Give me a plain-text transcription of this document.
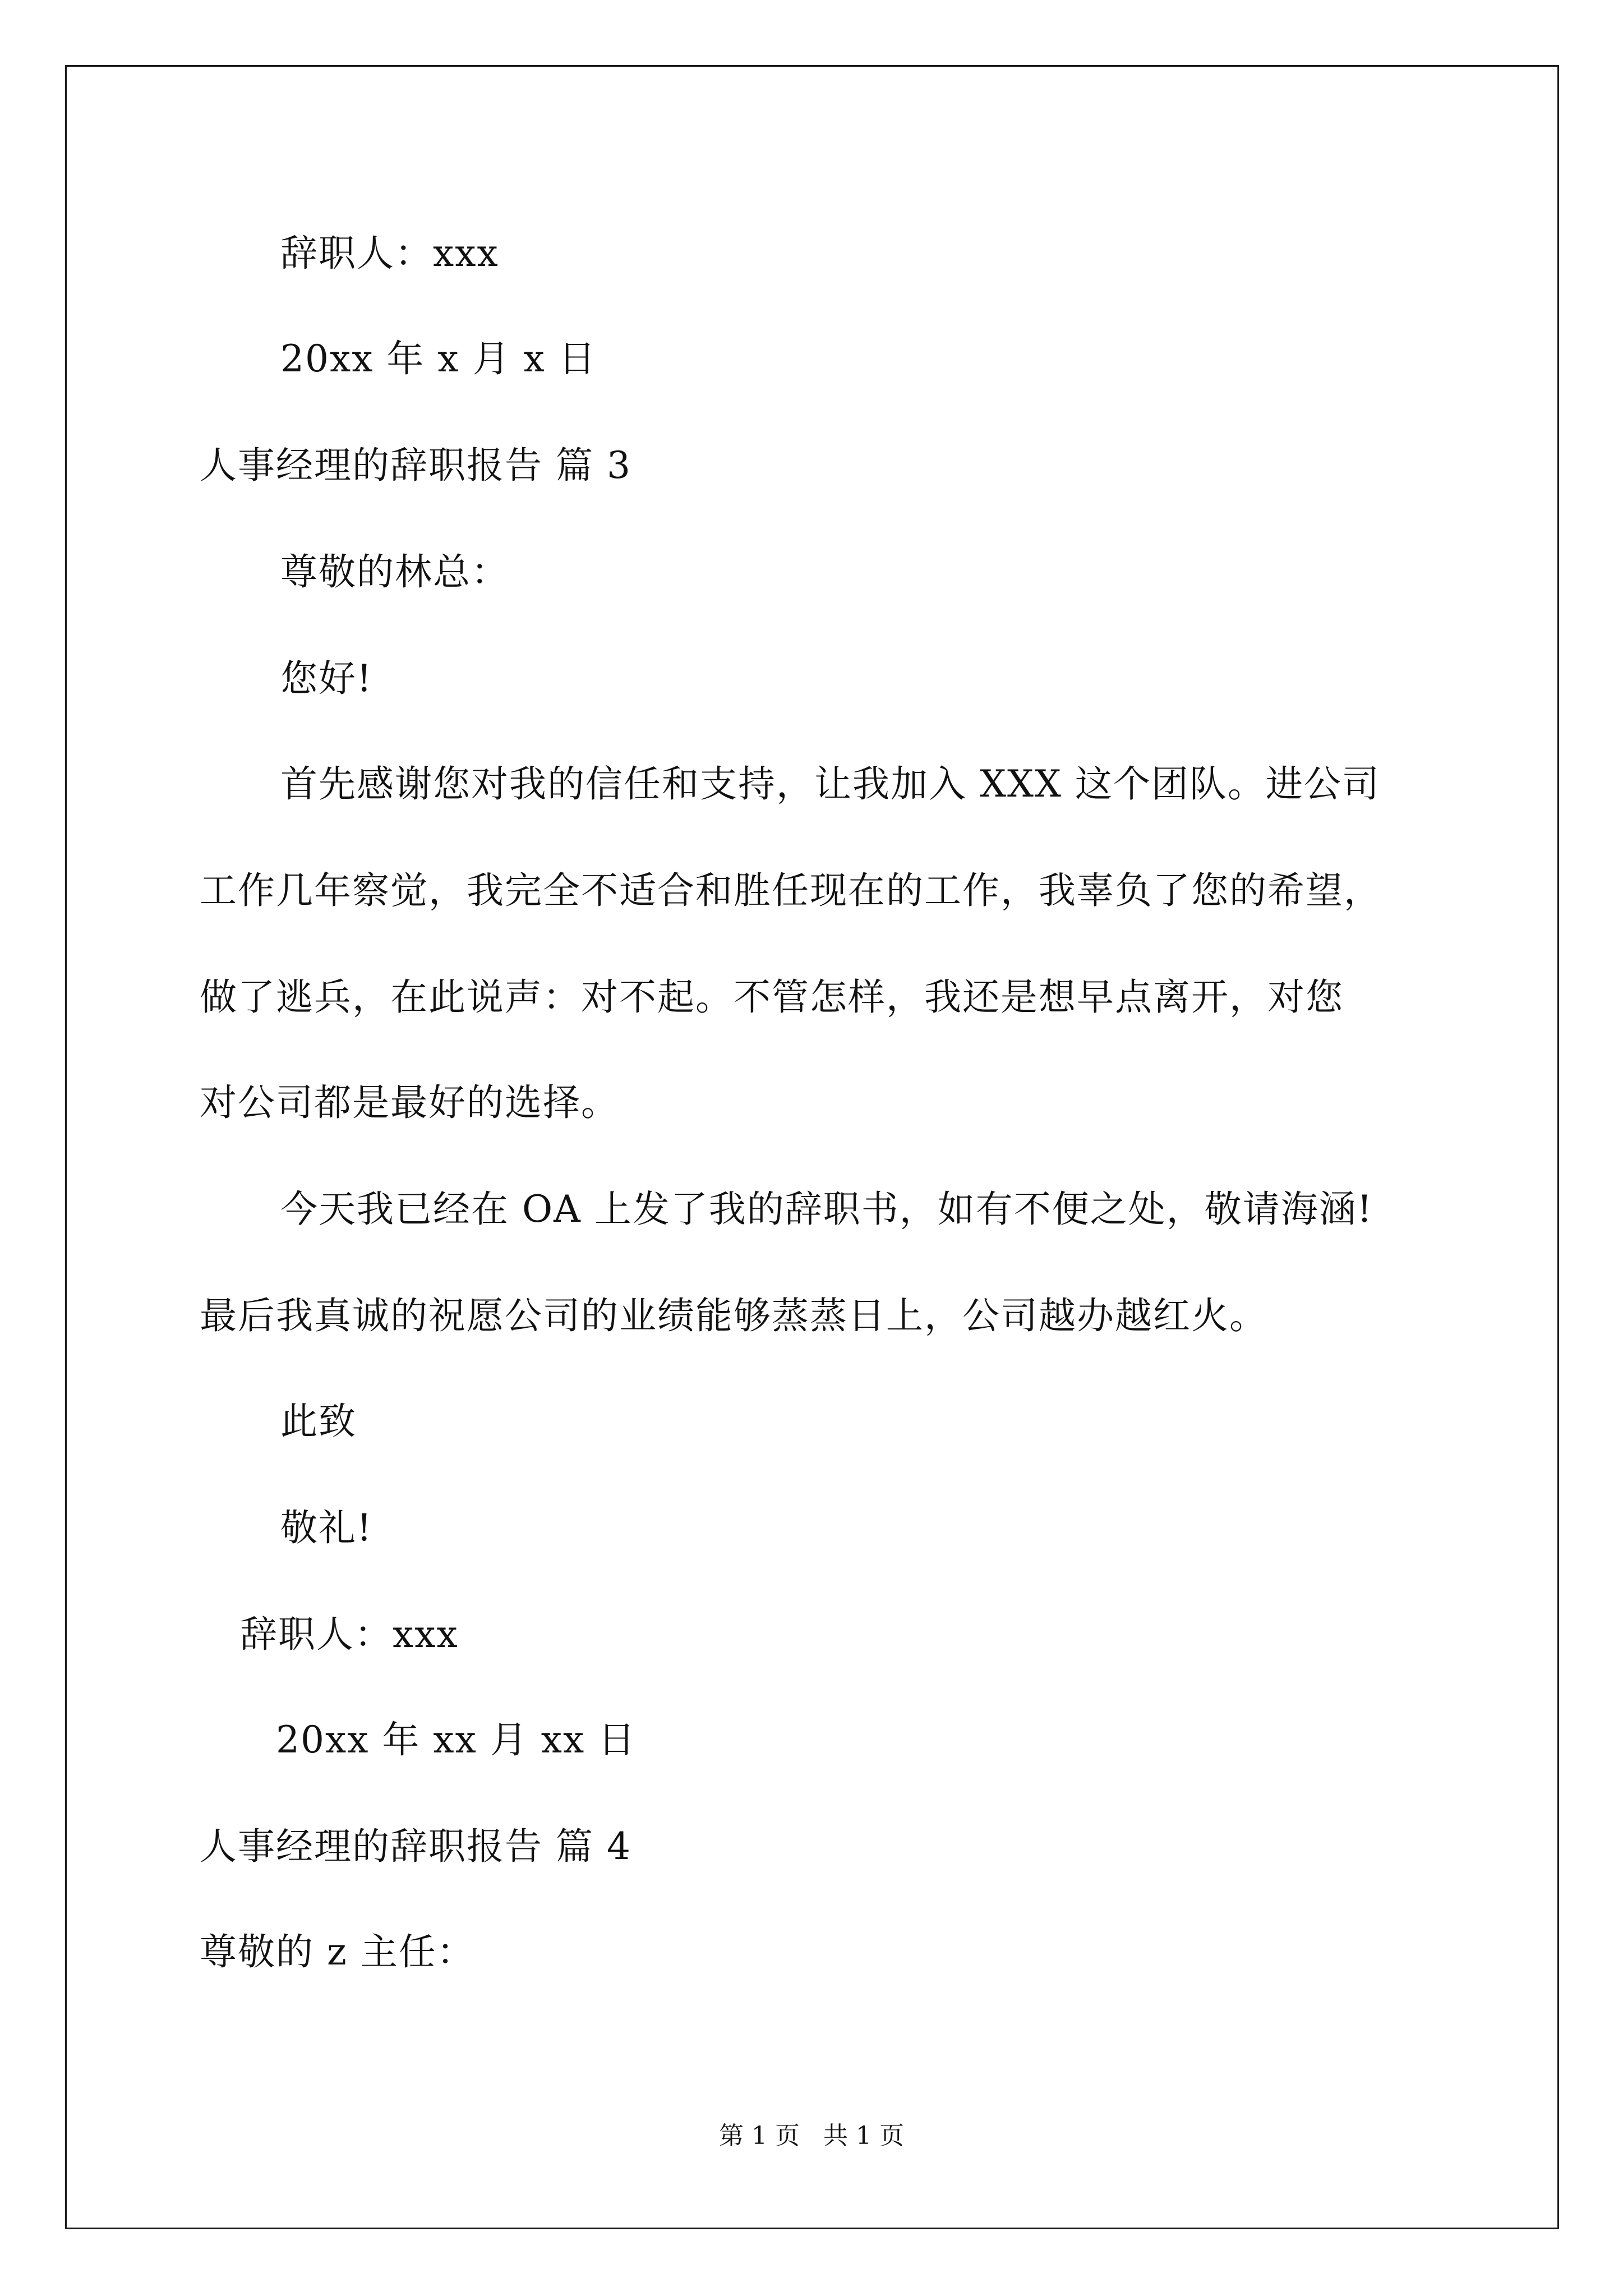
辞职人：xxx
20xx 年 x 月 x 日
人事经理的辞职报告 篇 3
尊敬的林总：
您好!
首先感谢您对我的信任和支持，让我加入 XXX 这个团队。进公司
工作几年察觉，我完全不适合和胜任现在的工作，我辜负了您的希望，
做了逃兵，在此说声：对不起。不管怎样，我还是想早点离开，对您
对公司都是最好的选择。
今天我已经在 OA 上发了我的辞职书，如有不便之处，敬请海涵!
最后我真诚的祝愿公司的业绩能够蒸蒸日上，公司越办越红火。
此致
敬礼!
辞职人：xxx
20xx 年 xx 月 xx 日
人事经理的辞职报告 篇 4
尊敬的 z 主任：
第 1 页   共 1 页
